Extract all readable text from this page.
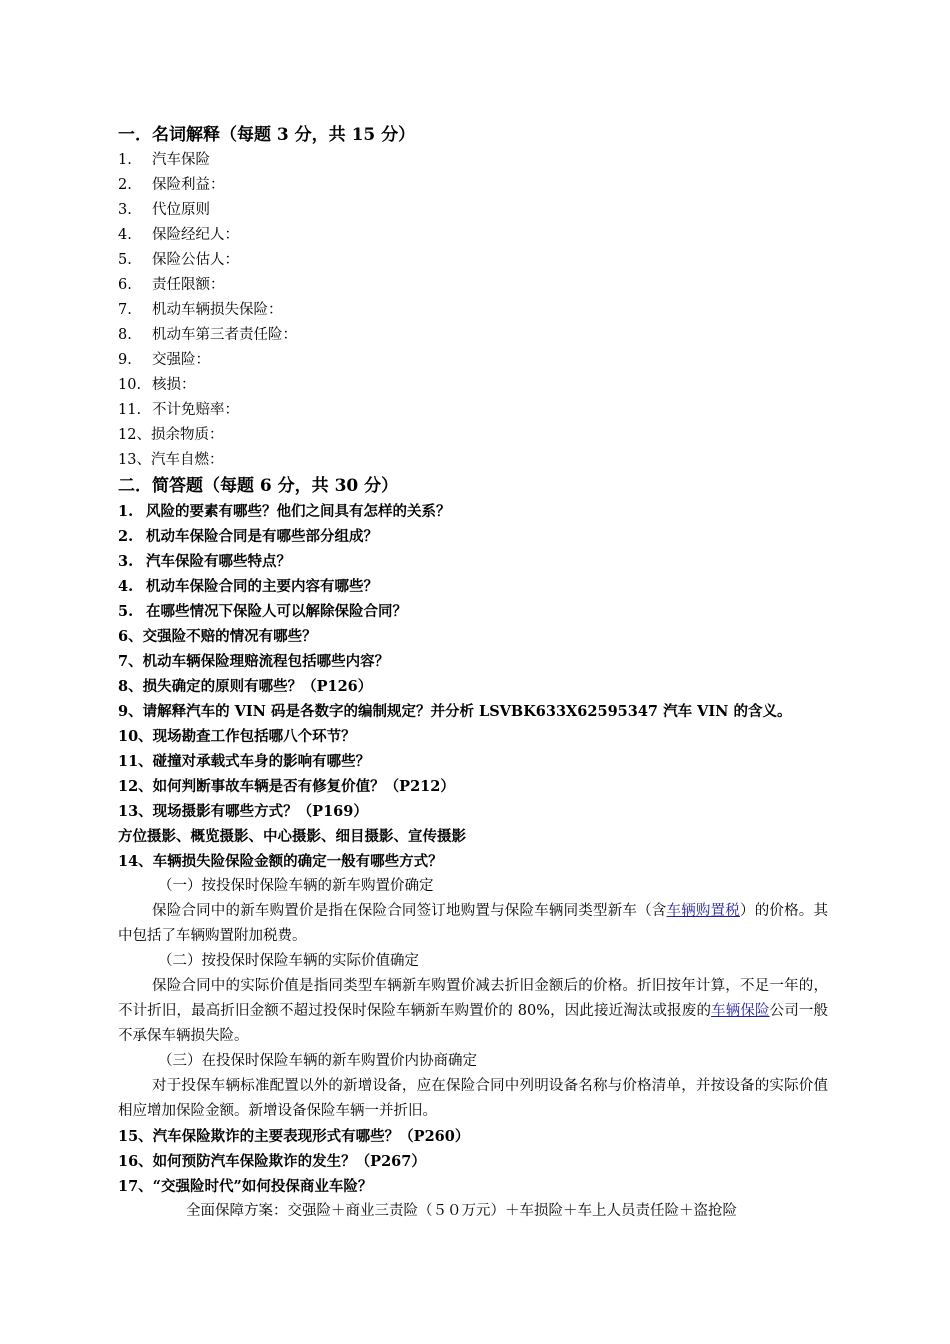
一．名词解释（每题 3 分，共 15 分）
1. 汽车保险
2. 保险利益：
3. 代位原则
4. 保险经纪人：
5. 保险公估人：
6. 责任限额：
7. 机动车辆损失保险：
8. 机动车第三者责任险：
9. 交强险：
10. 核损：
11. 不计免赔率：
12、损余物质：
13、汽车自燃：
二．简答题（每题 6 分，共 30 分）
1. 风险的要素有哪些？他们之间具有怎样的关系？
2. 机动车保险合同是有哪些部分组成？
3. 汽车保险有哪些特点？
4. 机动车保险合同的主要内容有哪些？
5. 在哪些情况下保险人可以解除保险合同？
6、交强险不赔的情况有哪些？
7、机动车辆保险理赔流程包括哪些内容？
8、损失确定的原则有哪些？（P126）
9、请解释汽车的 VIN 码是各数字的编制规定？并分析 LSVBK633X62595347 汽车 VIN 的含义。
10、现场勘查工作包括哪八个环节？
11、碰撞对承载式车身的影响有哪些？
12、如何判断事故车辆是否有修复价值？（P212）
13、现场摄影有哪些方式？（P169）
方位摄影、概览摄影、中心摄影、细目摄影、宣传摄影
14、车辆损失险保险金额的确定一般有哪些方式？
（一）按投保时保险车辆的新车购置价确定
保险合同中的新车购置价是指在保险合同签订地购置与保险车辆同类型新车（含车辆购置税）的价格。其中包括了车辆购置附加税费。
（二）按投保时保险车辆的实际价值确定
保险合同中的实际价值是指同类型车辆新车购置价减去折旧金额后的价格。折旧按年计算，不足一年的，不计折旧，最高折旧金额不超过投保时保险车辆新车购置价的 80%，因此接近淘汰或报废的车辆保险公司一般不承保车辆损失险。
（三）在投保时保险车辆的新车购置价内协商确定
对于投保车辆标准配置以外的新增设备，应在保险合同中列明设备名称与价格清单，并按设备的实际价值相应增加保险金额。新增设备保险车辆一并折旧。
15、汽车保险欺诈的主要表现形式有哪些？（P260）
16、如何预防汽车保险欺诈的发生？（P267）
17、“交强险时代”如何投保商业车险？
全面保障方案：交强险＋商业三责险（５０万元）＋车损险＋车上人员责任险＋盗抢险
